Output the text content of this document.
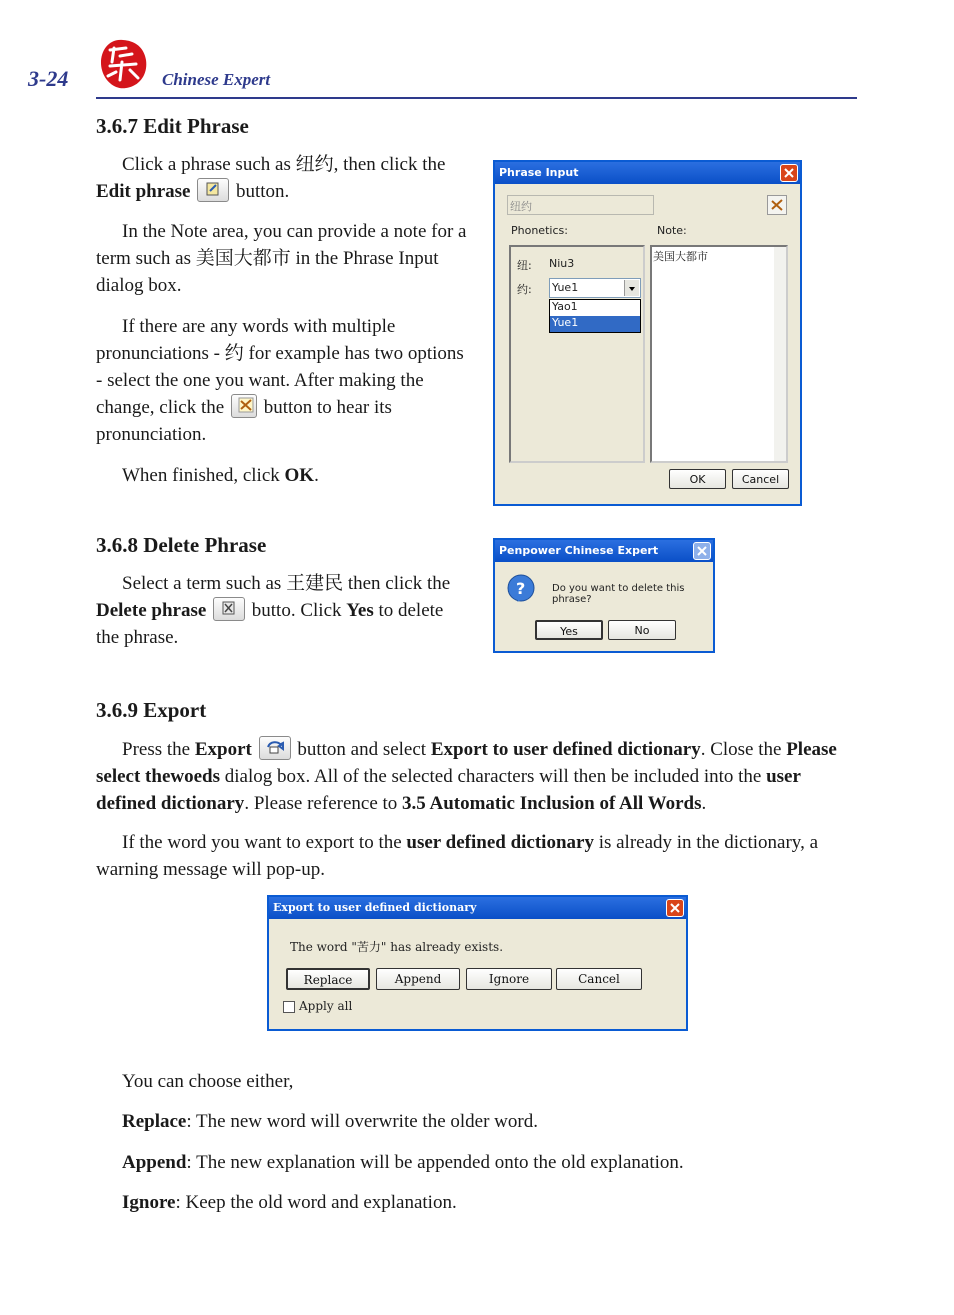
3-24	Chinese Expert
3.6.7 Edit Phrase

Click a phrase such as 纽约, then click the Edit phrase
button.

In the Note area, you can provide a note for a term such as 美国大都市 in the Phrase Input dialog box.

If there are any words with multiple pronunciations - 约 for example has two options - select the one you want. After making the change, click the
button to hear its pronunciation.

When finished, click OK.

Phrase Input
纽约
Phonetics:	Note:
纽: Niu3
约: Yue1
Yao1
Yue1
美国大都市
OK	Cancel
3.6.8 Delete Phrase

Select a term such as 王建民 then click the Delete phrase
butto. Click Yes to delete the phrase.

Penpower Chinese Expert
?	Do you want to delete this phrase?
Yes	No
3.6.9 Export

Press the Export
button and select Export to user defined dictionary. Close the Please select thewoeds dialog box. All of the selected characters will then be included into the user defined dictionary. Please reference to 3.5 Automatic Inclusion of All Words.

If the word you want to export to the user defined dictionary is already in the dictionary, a warning message will pop-up.

Export to user defined dictionary
The word "苦力" has already exists.
Replace	Append	Ignore	Cancel
Apply all

You can choose either,

Replace: The new word will overwrite the older word.

Append: The new explanation will be appended onto the old explanation.

Ignore: Keep the old word and explanation.
